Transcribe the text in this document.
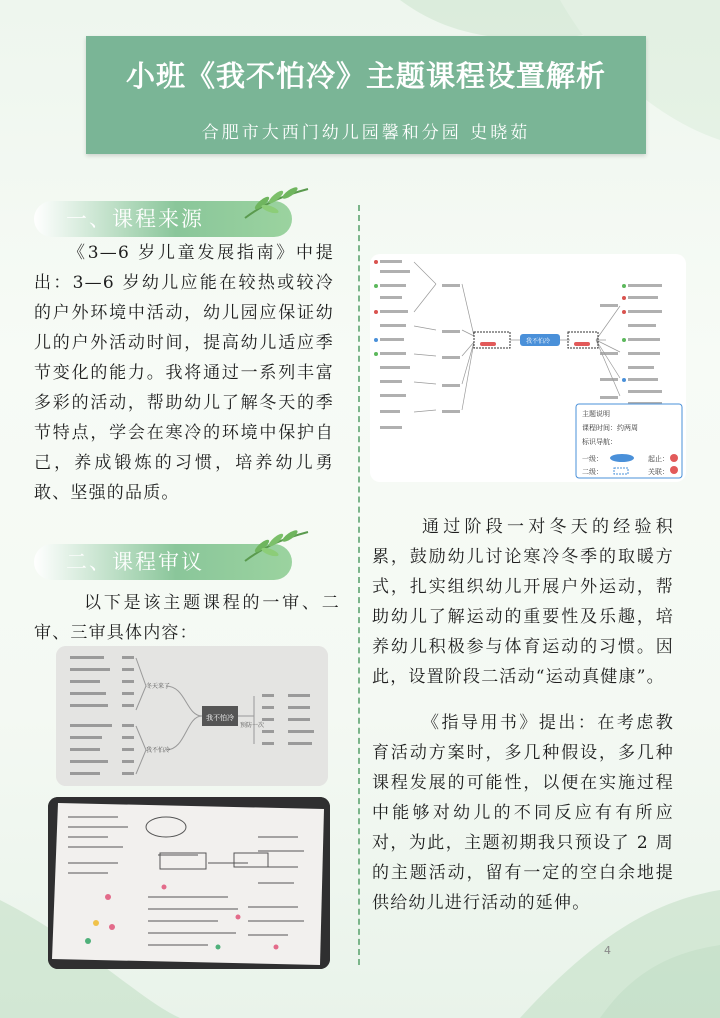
小班《我不怕冷》主题课程设置解析
合肥市大西门幼儿园馨和分园 史晓茹
一、课程来源
《3—6 岁儿童发展指南》中提出：3—6 岁幼儿应能在较热或较冷的户外环境中活动，幼儿园应保证幼儿的户外活动时间，提高幼儿适应季节变化的能力。我将通过一系列丰富多彩的活动，帮助幼儿了解冬天的季节特点，学会在寒冷的环境中保护自己，养成锻炼的习惯，培养幼儿勇敢、坚强的品质。
二、课程审议
以下是该主题课程的一审、二审、三审具体内容：
冬天来了
我不怕冷
我不怕冷
预防一次
我不怕冷
主题说明
课程时间：约两周
标识导航：
一级：
二级：
起止：
关联：
通过阶段一对冬天的经验积累，鼓励幼儿讨论寒冷冬季的取暖方式，扎实组织幼儿开展户外运动，帮助幼儿了解运动的重要性及乐趣，培养幼儿积极参与体育运动的习惯。因此，设置阶段二活动“运动真健康”。
《指导用书》提出：在考虑教育活动方案时，多几种假设，多几种课程发展的可能性，以便在实施过程中能够对幼儿的不同反应有有所应对，为此，主题初期我只预设了 2 周的主题活动，留有一定的空白余地提供给幼儿进行活动的延伸。
4
